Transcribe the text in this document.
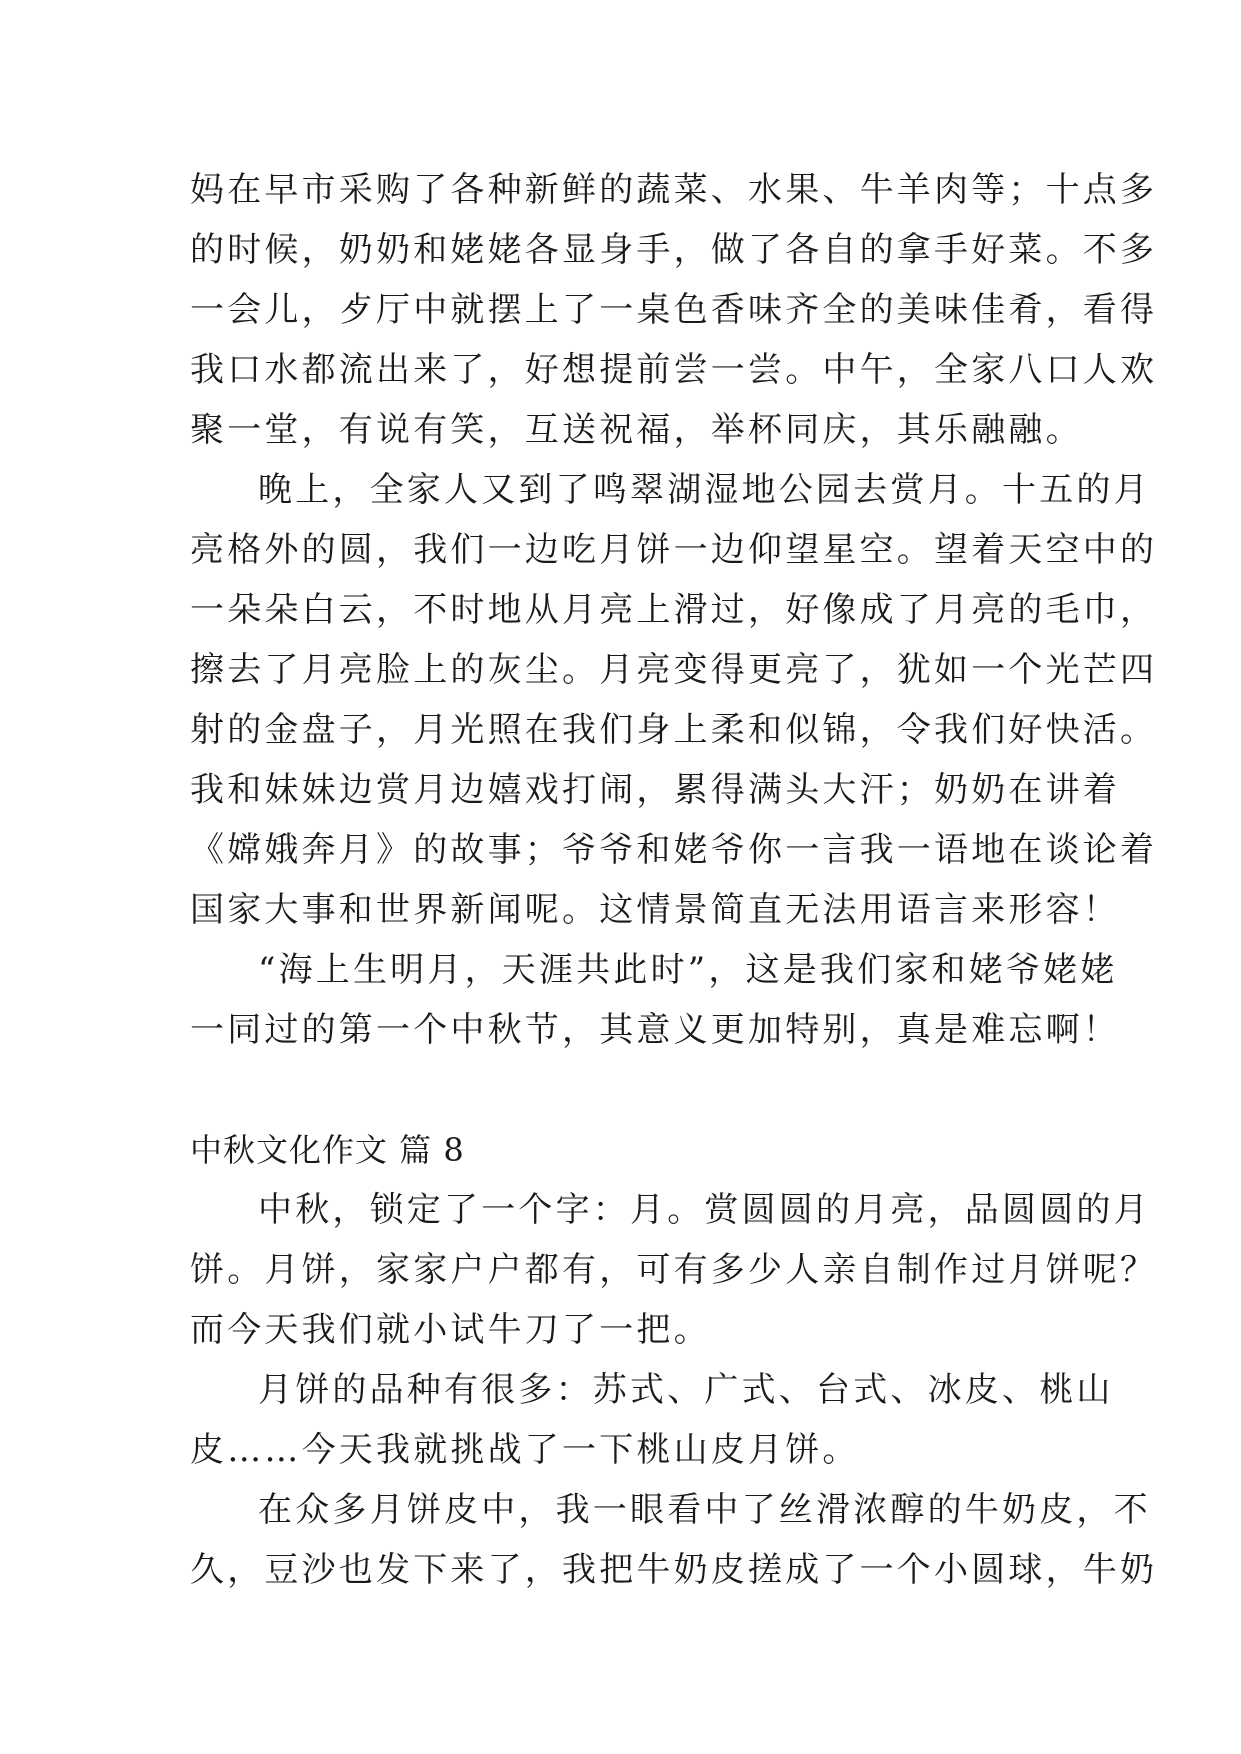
妈在早市采购了各种新鲜的蔬菜、水果、牛羊肉等；十点多
的时候，奶奶和姥姥各显身手，做了各自的拿手好菜。不多
一会儿，歺厅中就摆上了一桌色香味齐全的美味佳肴，看得
我口水都流出来了，好想提前尝一尝。中午，全家八口人欢
聚一堂，有说有笑，互送祝福，举杯同庆，其乐融融。
晚上，全家人又到了鸣翠湖湿地公园去赏月。十五的月
亮格外的圆，我们一边吃月饼一边仰望星空。望着天空中的
一朵朵白云，不时地从月亮上滑过，好像成了月亮的毛巾，
擦去了月亮脸上的灰尘。月亮变得更亮了，犹如一个光芒四
射的金盘子，月光照在我们身上柔和似锦，令我们好快活。
我和妹妹边赏月边嬉戏打闹，累得满头大汗；奶奶在讲着
《嫦娥奔月》的故事；爷爷和姥爷你一言我一语地在谈论着
国家大事和世界新闻呢。这情景简直无法用语言来形容！
“海上生明月，天涯共此时”，这是我们家和姥爷姥姥
一同过的第一个中秋节，其意义更加特别，真是难忘啊！
中秋文化作文 篇 8
中秋，锁定了一个字：月。赏圆圆的月亮，品圆圆的月
饼。月饼，家家户户都有，可有多少人亲自制作过月饼呢？
而今天我们就小试牛刀了一把。
月饼的品种有很多：苏式、广式、台式、冰皮、桃山
皮……今天我就挑战了一下桃山皮月饼。
在众多月饼皮中，我一眼看中了丝滑浓醇的牛奶皮，不
久，豆沙也发下来了，我把牛奶皮搓成了一个小圆球，牛奶
